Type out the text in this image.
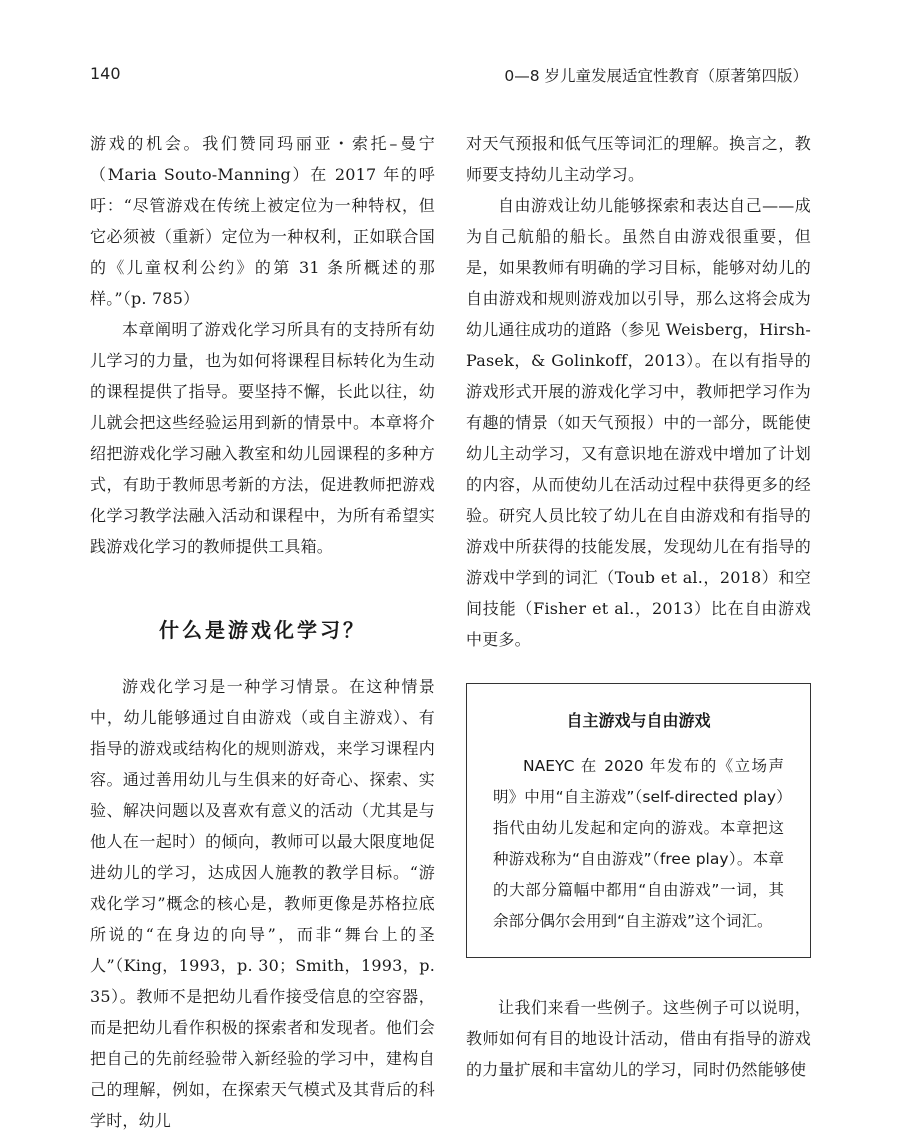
140	0—8 岁儿童发展适宜性教育（原著第四版）

游戏的机会。我们赞同玛丽亚・索托–曼宁（Maria Souto-Manning）在 2017 年的呼吁：“尽管游戏在传统上被定位为一种特权，但它必须被（重新）定位为一种权利，正如联合国的《儿童权利公约》的第 31 条所概述的那样。”（p. 785）

本章阐明了游戏化学习所具有的支持所有幼儿学习的力量，也为如何将课程目标转化为生动的课程提供了指导。要坚持不懈，长此以往，幼儿就会把这些经验运用到新的情景中。本章将介绍把游戏化学习融入教室和幼儿园课程的多种方式，有助于教师思考新的方法，促进教师把游戏化学习教学法融入活动和课程中，为所有希望实践游戏化学习的教师提供工具箱。

什么是游戏化学习？

游戏化学习是一种学习情景。在这种情景中，幼儿能够通过自由游戏（或自主游戏）、有指导的游戏或结构化的规则游戏，来学习课程内容。通过善用幼儿与生俱来的好奇心、探索、实验、解决问题以及喜欢有意义的活动（尤其是与他人在一起时）的倾向，教师可以最大限度地促进幼儿的学习，达成因人施教的教学目标。“游戏化学习”概念的核心是，教师更像是苏格拉底所说的“在身边的向导”，而非“舞台上的圣人”（King，1993，p. 30；Smith，1993，p. 35）。教师不是把幼儿看作接受信息的空容器，而是把幼儿看作积极的探索者和发现者。他们会把自己的先前经验带入新经验的学习中，建构自己的理解，例如，在探索天气模式及其背后的科学时，幼儿

对天气预报和低气压等词汇的理解。换言之，教师要支持幼儿主动学习。

自由游戏让幼儿能够探索和表达自己——成为自己航船的船长。虽然自由游戏很重要，但是，如果教师有明确的学习目标，能够对幼儿的自由游戏和规则游戏加以引导，那么这将会成为幼儿通往成功的道路（参见 Weisberg，Hirsh-Pasek，& Golinkoff，2013）。在以有指导的游戏形式开展的游戏化学习中，教师把学习作为有趣的情景（如天气预报）中的一部分，既能使幼儿主动学习，又有意识地在游戏中增加了计划的内容，从而使幼儿在活动过程中获得更多的经验。研究人员比较了幼儿在自由游戏和有指导的游戏中所获得的技能发展，发现幼儿在有指导的游戏中学到的词汇（Toub et al.，2018）和空间技能（Fisher et al.，2013）比在自由游戏中更多。

自主游戏与自由游戏

NAEYC 在 2020 年发布的《立场声明》中用“自主游戏”（self-directed play）指代由幼儿发起和定向的游戏。本章把这种游戏称为“自由游戏”（free play）。本章的大部分篇幅中都用“自由游戏”一词，其余部分偶尔会用到“自主游戏”这个词汇。

让我们来看一些例子。这些例子可以说明，教师如何有目的地设计活动，借由有指导的游戏的力量扩展和丰富幼儿的学习，同时仍然能够使
